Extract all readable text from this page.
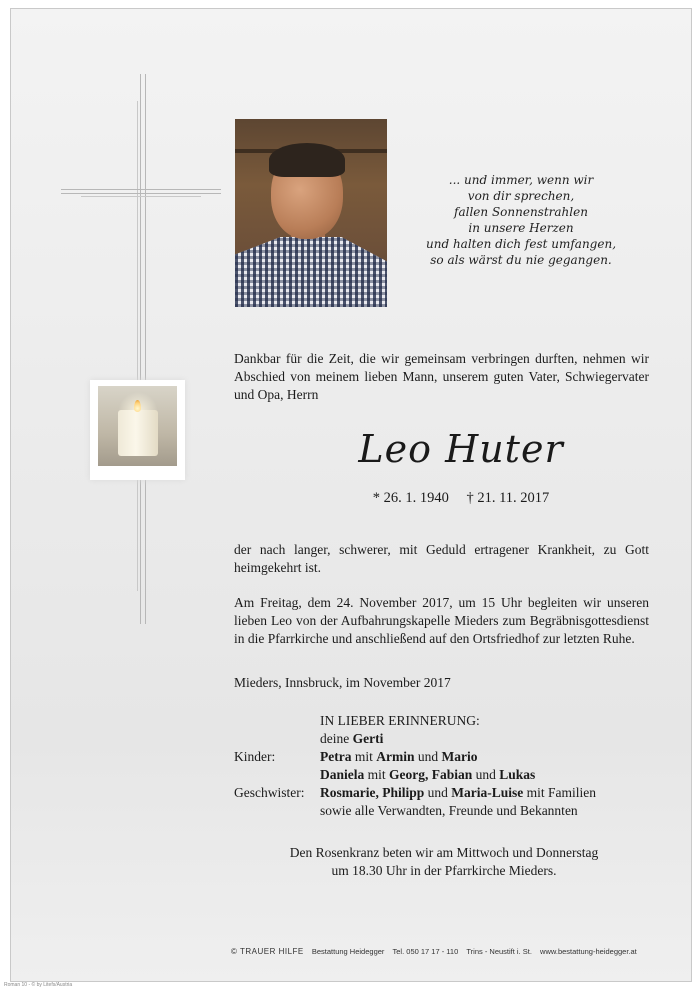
... und immer, wenn wir
von dir sprechen,
fallen Sonnenstrahlen
in unsere Herzen
und halten dich fest umfangen,
so als wärst du nie gegangen.
Dankbar für die Zeit, die wir gemeinsam verbringen durften, nehmen wir Abschied von meinem lieben Mann, unserem guten Vater, Schwiegervater und Opa, Herrn
Leo Huter
* 26. 1. 1940 † 21. 11. 2017
der nach langer, schwerer, mit Geduld ertragener Krankheit, zu Gott heimgekehrt ist.
Am Freitag, dem 24. November 2017, um 15 Uhr begleiten wir unseren lieben Leo von der Aufbahrungskapelle Mieders zum Begräbnisgottesdienst in die Pfarrkirche und anschließend auf den Ortsfriedhof zur letzten Ruhe.
Mieders, Innsbruck, im November 2017
IN LIEBER ERINNERUNG:
deine
Gerti
Kinder:	Petra mit Armin und Mario
Daniela mit Georg, Fabian und Lukas
Geschwister:	Rosmarie, Philipp und Maria-Luise mit Familien
sowie alle Verwandten, Freunde und Bekannten
Den Rosenkranz beten wir am Mittwoch und Donnerstag
um 18.30 Uhr in der Pfarrkirche Mieders.
© TRAUER HILFE Bestattung Heidegger Tel. 050 17 17 - 110 Trins - Neustift i. St. www.bestattung-heidegger.at
Roman 10 - © by Litefs/Austria
